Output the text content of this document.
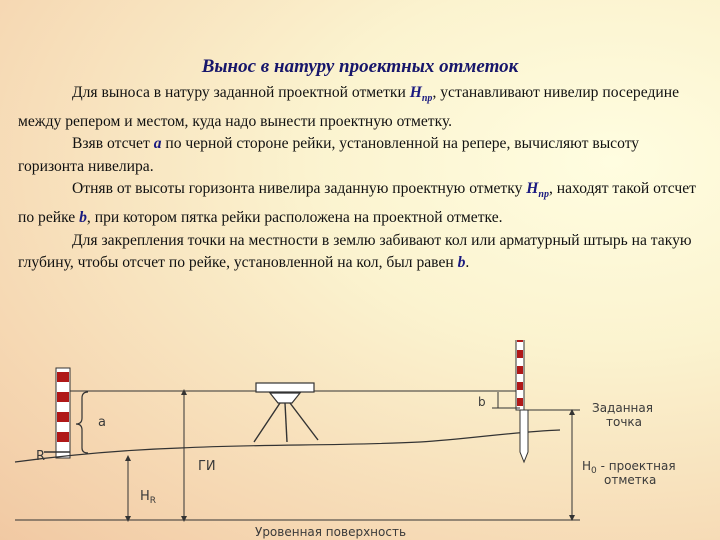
Вынос в натуру проектных отметок

Для выноса в натуру заданной проектной отметки $H_{пр}$, устанавливают нивелир посередине между репером и местом, куда надо вынести проектную отметку.

Взяв отсчет a по черной стороне рейки, установленной на репере, вычисляют высоту горизонта нивелира.

Отняв от высоты горизонта нивелира заданную проектную отметку $H_{пр}$, находят такой отсчет по рейке b, при котором пятка рейки расположена на проектной отметке.

Для закрепления точки на местности в землю забивают кол или арматурный штырь на такую глубину, чтобы отсчет по рейке, установленной на кол, был равен b.

a
R
ГИ
$H_R$
Уровенная поверхность
b	Заданная
точка
$H_0$ - проектная
отметка
